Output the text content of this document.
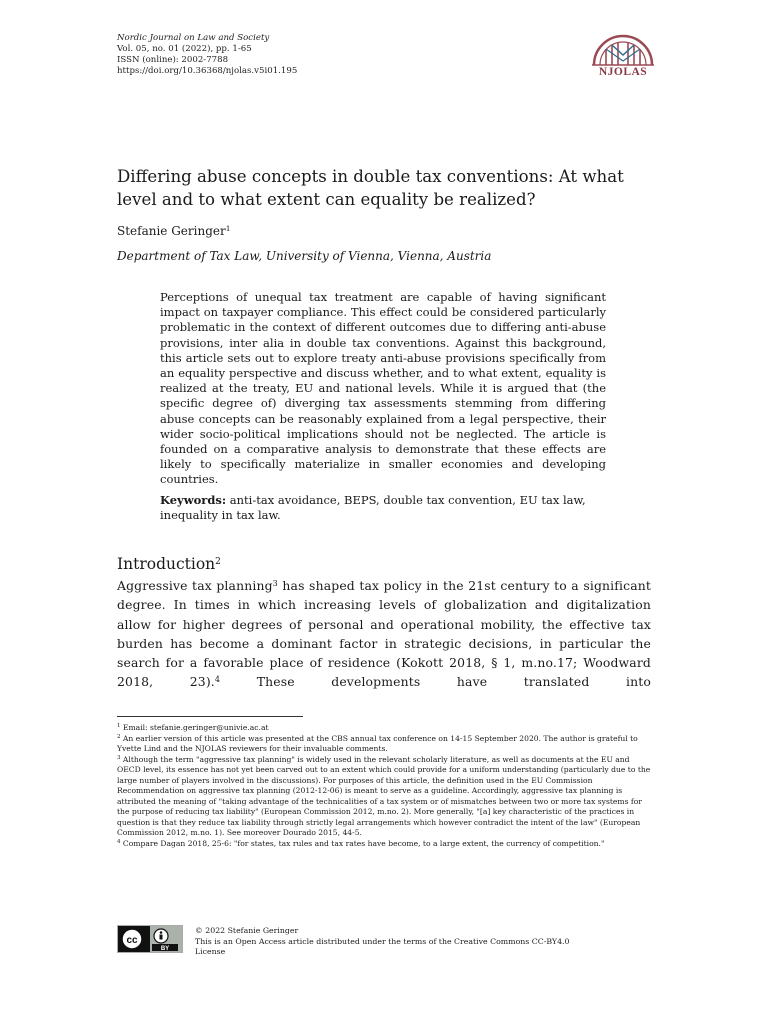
Nordic Journal on Law and Society
Vol. 05, no. 01 (2022), pp. 1-65
ISSN (online): 2002-7788
https://doi.org/10.36368/njolas.v5i01.195	NJOLAS
Differing abuse concepts in double tax conventions: At what level and to what extent can equality be realized?
Stefanie Geringer$^1$
Department of Tax Law, University of Vienna, Vienna, Austria

Perceptions of unequal tax treatment are capable of having significant impact on taxpayer compliance. This effect could be considered particularly problematic in the context of different outcomes due to differing anti-abuse provisions, inter alia in double tax conventions. Against this background, this article sets out to explore treaty anti-abuse provisions specifically from an equality perspective and discuss whether, and to what extent, equality is realized at the treaty, EU and national levels. While it is argued that (the specific degree of) diverging tax assessments stemming from differing abuse concepts can be reasonably explained from a legal perspective, their wider socio-political implications should not be neglected. The article is founded on a comparative analysis to demonstrate that these effects are likely to specifically materialize in smaller economies and developing countries.

Keywords: anti-tax avoidance, BEPS, double tax convention, EU tax law, inequality in tax law.

Introduction$^2$

Aggressive tax planning$^3$ has shaped tax policy in the 21st century to a significant degree. In times in which increasing levels of globalization and digitalization allow for higher degrees of personal and operational mobility, the effective tax burden has become a dominant factor in strategic decisions, in particular the search for a favorable place of residence (Kokott 2018, § 1, m.no.17; Woodward 2018, 23).$^4$ These developments have translated into

$^1$ Email: stefanie.geringer@univie.ac.at

$^2$ An earlier version of this article was presented at the CBS annual tax conference on 14-15 September 2020. The author is grateful to Yvette Lind and the NJOLAS reviewers for their invaluable comments.

$^3$ Although the term "aggressive tax planning" is widely used in the relevant scholarly literature, as well as documents at the EU and OECD level, its essence has not yet been carved out to an extent which could provide for a uniform understanding (particularly due to the large number of players involved in the discussions). For purposes of this article, the definition used in the EU Commission Recommendation on aggressive tax planning (2012-12-06) is meant to serve as a guideline. Accordingly, aggressive tax planning is attributed the meaning of "taking advantage of the technicalities of a tax system or of mismatches between two or more tax systems for the purpose of reducing tax liability" (European Commission 2012, m.no. 2). More generally, "[a] key characteristic of the practices in question is that they reduce tax liability through strictly legal arrangements which however contradict the intent of the law" (European Commission 2012, m.no. 1). See moreover Dourado 2015, 44-5.

$^4$ Compare Dagan 2018, 25-6: "for states, tax rules and tax rates have become, to a large extent, the currency of competition."

cc
BY
© 2022 Stefanie Geringer
This is an Open Access article distributed under the terms of the Creative Commons CC-BY4.0
License
